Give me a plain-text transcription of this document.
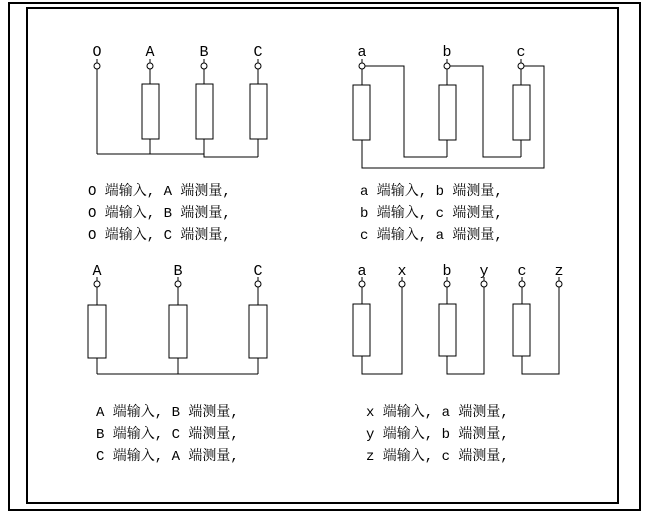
O	A	B	C	a	b	c
A	B	C	a x b y c z
O 端输入, A 端测量,
O 端输入, B 端测量,
O 端输入, C 端测量,
a 端输入, b 端测量,
b 端输入, c 端测量,
c 端输入, a 端测量,
A 端输入, B 端测量,
B 端输入, C 端测量,
C 端输入, A 端测量,
x 端输入, a 端测量,
y 端输入, b 端测量,
z 端输入, c 端测量,
